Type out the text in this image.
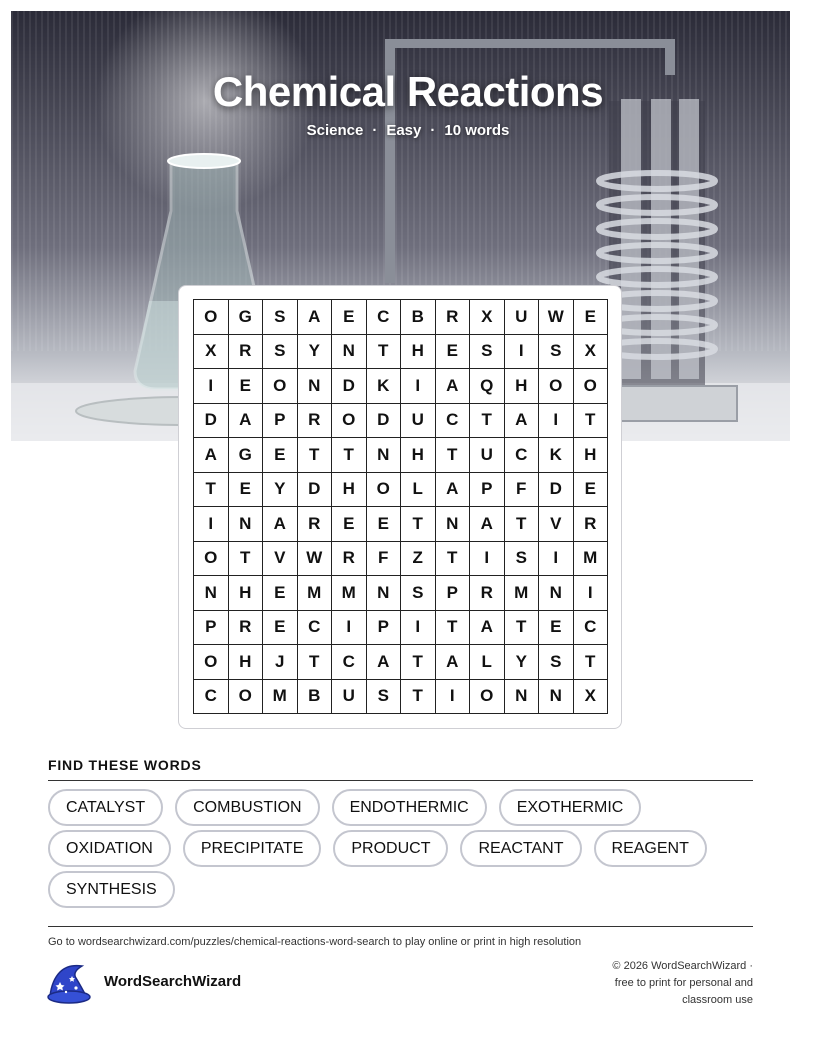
Chemical Reactions
Science · Easy · 10 words
O	G	S	A	E	C	B	R	X	U	W	E
X	R	S	Y	N	T	H	E	S	I	S	X
I	E	O	N	D	K	I	A	Q	H	O	O
D	A	P	R	O	D	U	C	T	A	I	T
A	G	E	T	T	N	H	T	U	C	K	H
T	E	Y	D	H	O	L	A	P	F	D	E
I	N	A	R	E	E	T	N	A	T	V	R
O	T	V	W	R	F	Z	T	I	S	I	M
N	H	E	M	M	N	S	P	R	M	N	I
P	R	E	C	I	P	I	T	A	T	E	C
O	H	J	T	C	A	T	A	L	Y	S	T
C	O	M	B	U	S	T	I	O	N	N	X
FIND THESE WORDS
CATALYST	COMBUSTION	ENDOTHERMIC	EXOTHERMIC
OXIDATION	PRECIPITATE	PRODUCT	REACTANT	REAGENT
SYNTHESIS
Go to wordsearchwizard.com/puzzles/chemical-reactions-word-search to play online or print in high resolution
WordSearchWizard
© 2026 WordSearchWizard ·
free to print for personal and
classroom use
